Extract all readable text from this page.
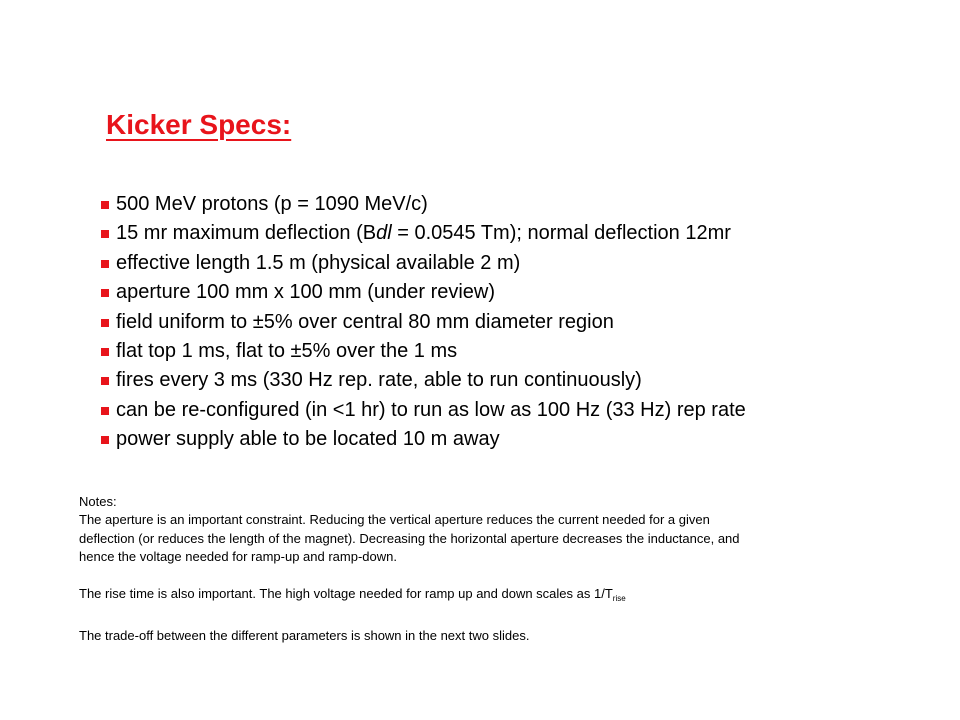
Kicker Specs:
500 MeV protons (p = 1090 MeV/c)
15 mr maximum deflection (Bdl = 0.0545 Tm); normal deflection 12mr
effective length 1.5 m (physical available 2 m)
aperture 100 mm x 100 mm (under review)
field uniform to ±5% over central 80 mm diameter region
flat top 1 ms, flat to ±5% over the 1 ms
fires every 3 ms (330 Hz rep. rate, able to run continuously)
can be re-configured (in <1 hr) to run as low as 100 Hz (33 Hz) rep rate
power supply able to be located 10 m away

Notes:

The aperture is an important constraint. Reducing the vertical aperture reduces the current needed for a given

deflection (or reduces the length of the magnet). Decreasing the horizontal aperture decreases the inductance, and

hence the voltage needed for ramp-up and ramp-down.

The rise time is also important. The high voltage needed for ramp up and down scales as $1/T_{rise}$

The trade-off between the different parameters is shown in the next two slides.
